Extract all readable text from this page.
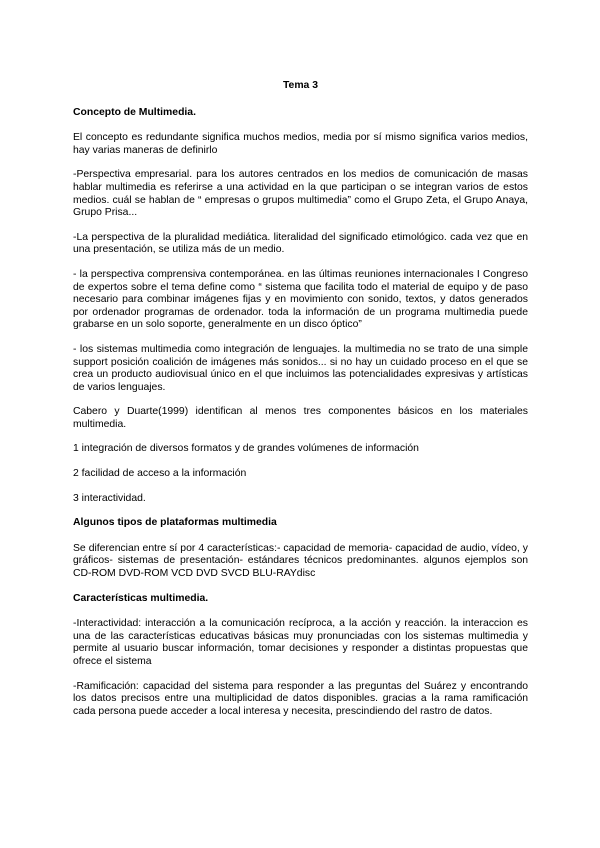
Tema 3
Concepto de Multimedia.
El concepto es redundante significa muchos medios, media por sí mismo significa varios medios, hay varias maneras de definirlo
-Perspectiva empresarial. para los autores centrados en los medios de comunicación de masas hablar multimedia es referirse a una actividad en la que participan o se integran varios de estos medios. cuál se hablan de “ empresas o grupos multimedia” como el Grupo Zeta, el Grupo Anaya, Grupo Prisa...
-La perspectiva de la pluralidad mediática. literalidad del significado etimológico. cada vez que en una presentación, se utiliza más de un medio.
- la perspectiva comprensiva contemporánea. en las últimas reuniones internacionales I Congreso de expertos sobre el tema define como “ sistema que facilita todo el material de equipo y de paso necesario para combinar imágenes fijas y en movimiento con sonido, textos, y datos generados por ordenador programas de ordenador. toda la información de un programa multimedia puede grabarse en un solo soporte, generalmente en un disco óptico”
- los sistemas multimedia como integración de lenguajes. la multimedia no se trato de una simple support posición coalición de imágenes más sonidos... si no hay un cuidado proceso en el que se crea un producto audiovisual único en el que incluimos las potencialidades expresivas y artísticas de varios lenguajes.
Cabero y Duarte(1999) identifican al menos tres componentes básicos en los materiales multimedia.
1 integración de diversos formatos y de grandes volúmenes de información
2 facilidad de acceso a la información
3 interactividad.
Algunos tipos de plataformas multimedia
Se diferencian entre sí por 4 características:- capacidad de memoria- capacidad de audio, vídeo, y gráficos- sistemas de presentación- estándares técnicos predominantes. algunos ejemplos son CD-ROM DVD-ROM VCD DVD SVCD BLU-RAYdisc
Características multimedia.
-Interactividad: interacción a la comunicación recíproca, a la acción y reacción. la interaccion es una de las características educativas básicas muy pronunciadas con los sistemas multimedia y permite al usuario buscar información, tomar decisiones y responder a distintas propuestas que ofrece el sistema
-Ramificación: capacidad del sistema para responder a las preguntas del Suárez y encontrando los datos precisos entre una multiplicidad de datos disponibles. gracias a la rama ramificación cada persona puede acceder a local interesa y necesita, prescindiendo del rastro de datos.
